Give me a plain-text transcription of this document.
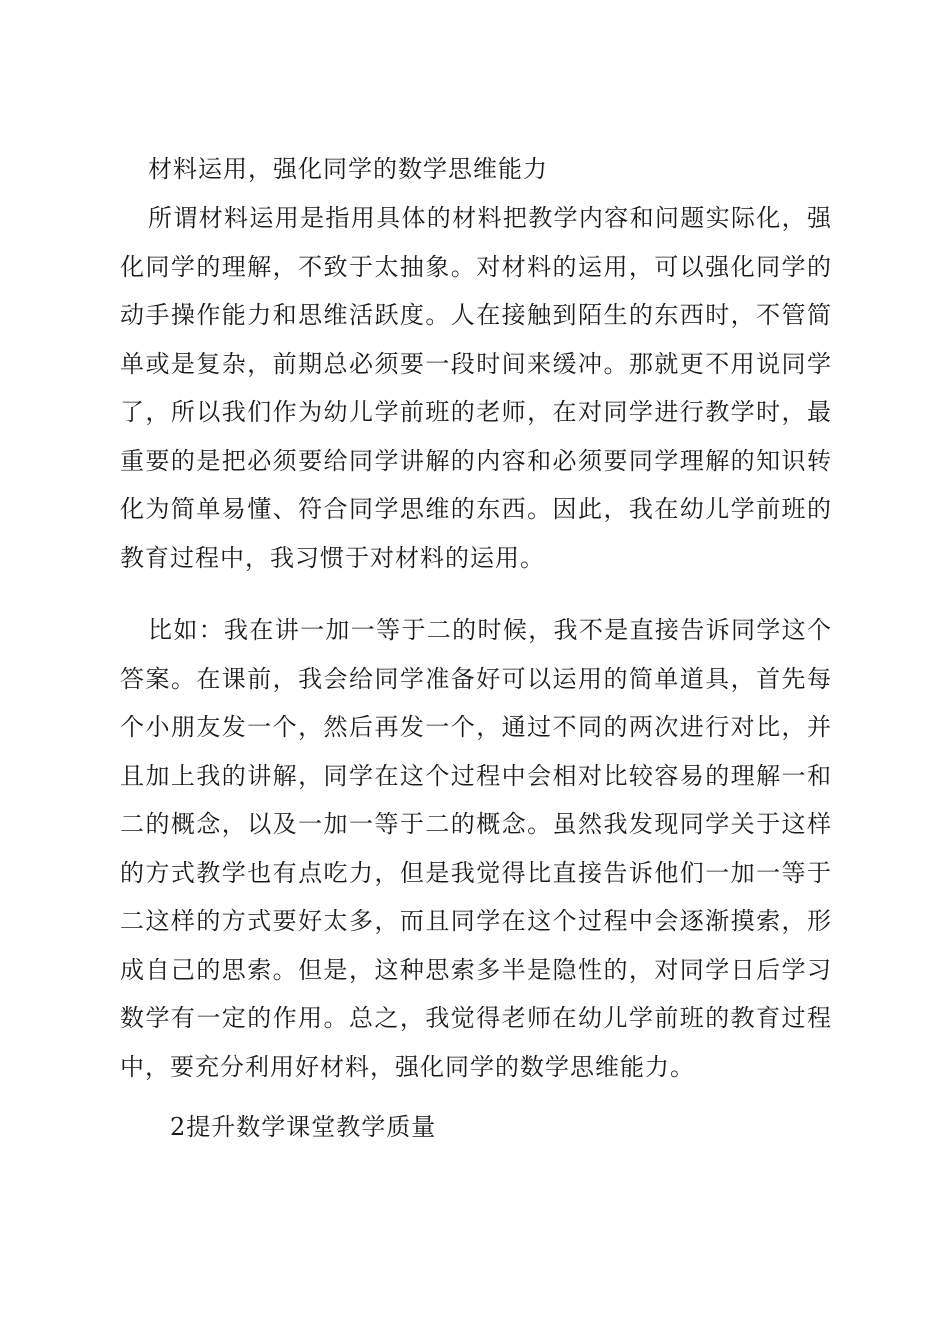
材料运用，强化同学的数学思维能力

所谓材料运用是指用具体的材料把教学内容和问题实际化，强化同学的理解，不致于太抽象。对材料的运用，可以强化同学的动手操作能力和思维活跃度。人在接触到陌生的东西时，不管简单或是复杂，前期总必须要一段时间来缓冲。那就更不用说同学了，所以我们作为幼儿学前班的老师，在对同学进行教学时，最重要的是把必须要给同学讲解的内容和必须要同学理解的知识转化为简单易懂、符合同学思维的东西。因此，我在幼儿学前班的教育过程中，我习惯于对材料的运用。

比如：我在讲一加一等于二的时候，我不是直接告诉同学这个答案。在课前，我会给同学准备好可以运用的简单道具，首先每个小朋友发一个，然后再发一个，通过不同的两次进行对比，并且加上我的讲解，同学在这个过程中会相对比较容易的理解一和二的概念，以及一加一等于二的概念。虽然我发现同学关于这样的方式教学也有点吃力，但是我觉得比直接告诉他们一加一等于二这样的方式要好太多，而且同学在这个过程中会逐渐摸索，形成自己的思索。但是，这种思索多半是隐性的，对同学日后学习数学有一定的作用。总之，我觉得老师在幼儿学前班的教育过程中，要充分利用好材料，强化同学的数学思维能力。

2提升数学课堂教学质量
